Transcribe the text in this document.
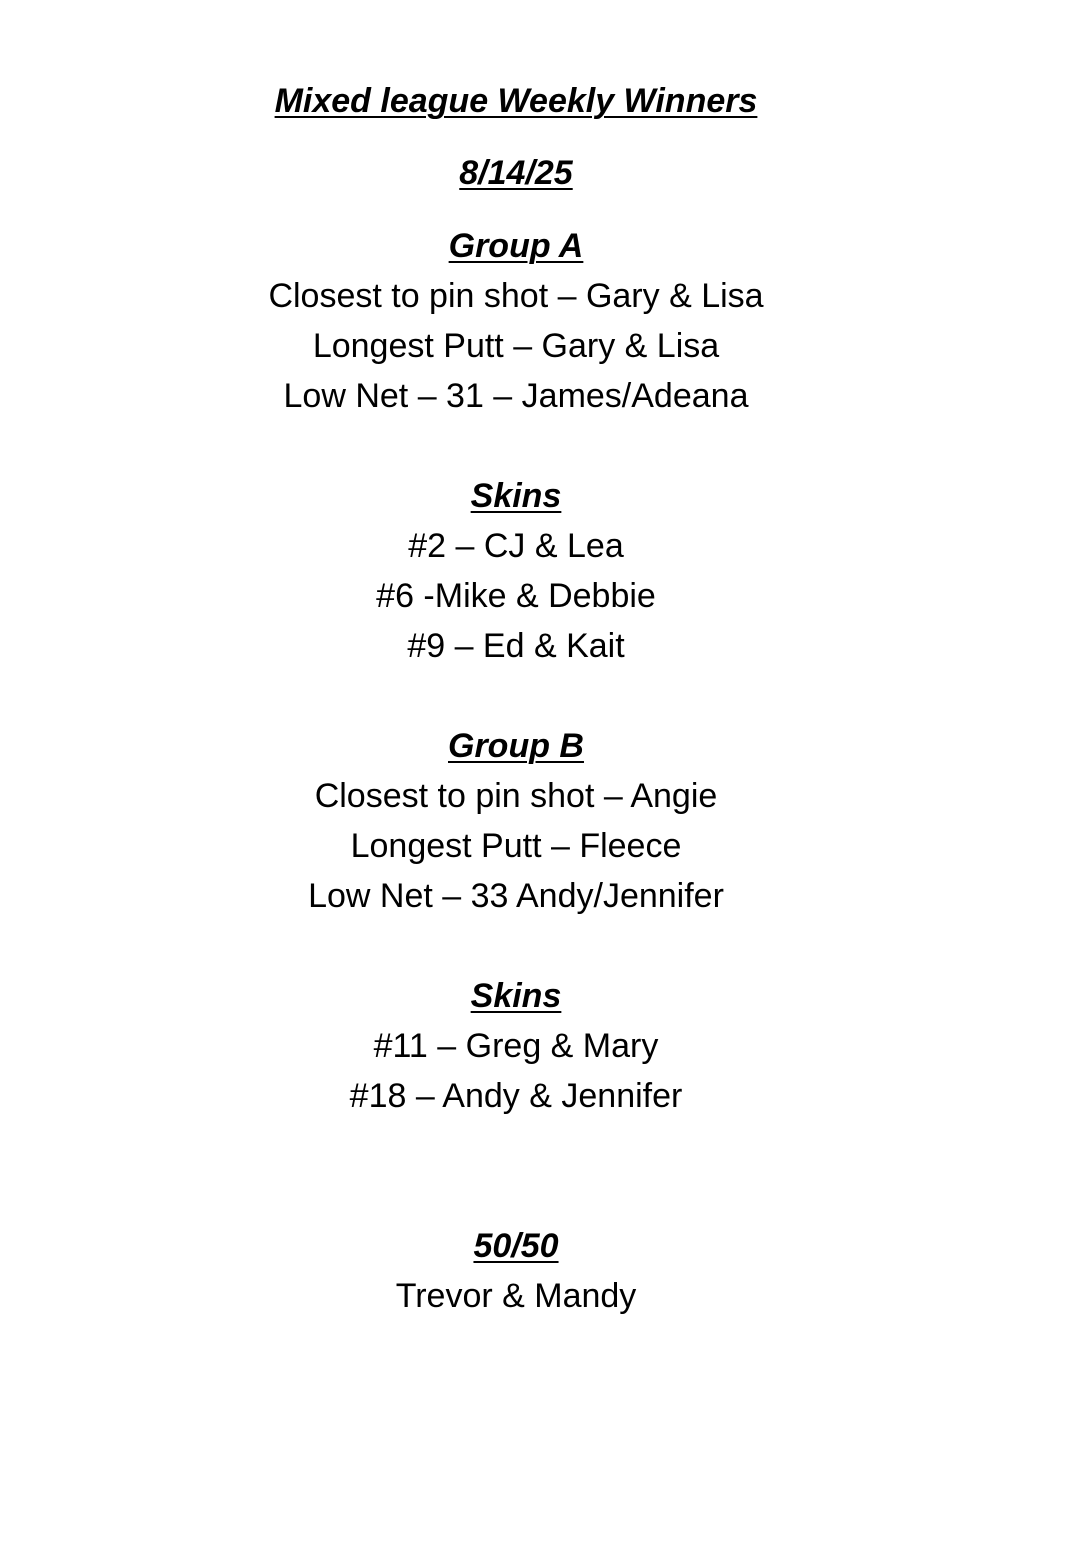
Mixed league Weekly Winners
8/14/25
Group A
Closest to pin shot – Gary & Lisa
Longest Putt – Gary & Lisa
Low Net – 31 – James/Adeana
Skins
#2 – CJ & Lea
#6 -Mike & Debbie
#9 – Ed & Kait
Group B
Closest to pin shot – Angie
Longest Putt – Fleece
Low Net – 33 Andy/Jennifer
Skins
#11 – Greg & Mary
#18 – Andy & Jennifer
50/50
Trevor & Mandy
